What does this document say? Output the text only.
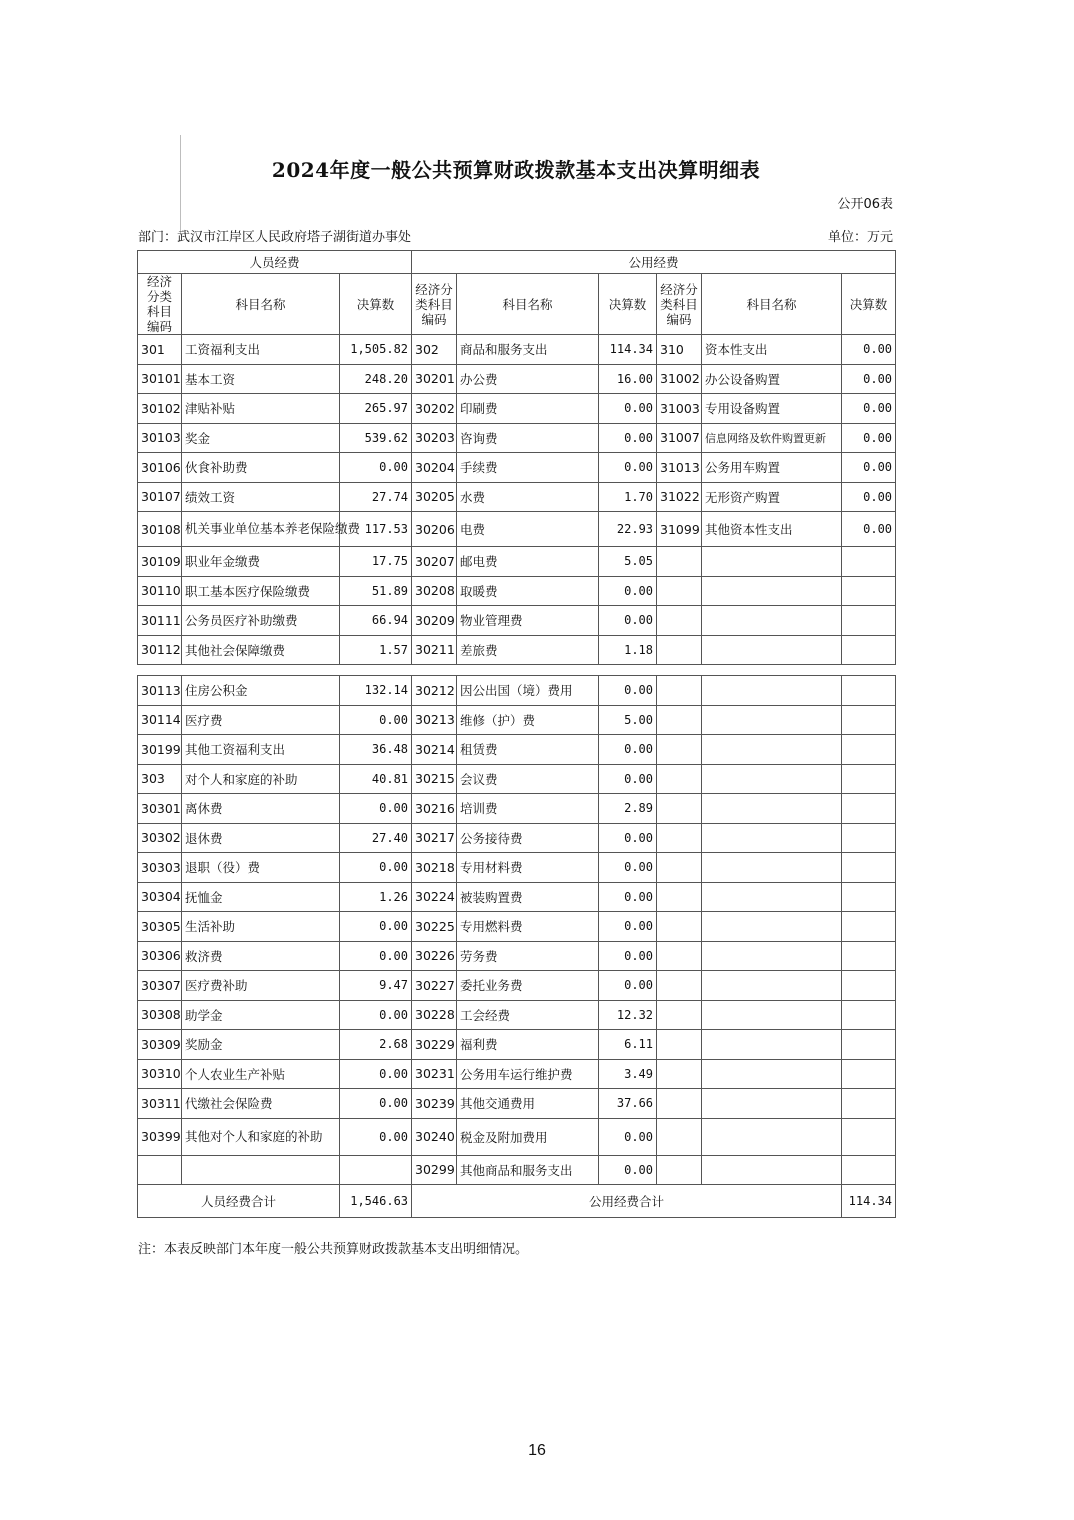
2024年度一般公共预算财政拨款基本支出决算明细表
公开06表
部门：武汉市江岸区人民政府塔子湖街道办事处	单位：万元
人员经费			公用经费					
经济分类科目编码	科目名称	决算数	经济分类科目编码	科目名称	决算数	经济分类科目编码	科目名称	决算数
301	工资福利支出	1,505.82	302	商品和服务支出	114.34	310	资本性支出	0.00
30101	基本工资	248.20	30201	办公费	16.00	31002	办公设备购置	0.00
30102	津贴补贴	265.97	30202	印刷费	0.00	31003	专用设备购置	0.00
30103	奖金	539.62	30203	咨询费	0.00	31007	信息网络及软件购置更新	0.00
30106	伙食补助费	0.00	30204	手续费	0.00	31013	公务用车购置	0.00
30107	绩效工资	27.74	30205	水费	1.70	31022	无形资产购置	0.00
30108	机关事业单位基本养老保险缴费	117.53	30206	电费	22.93	31099	其他资本性支出	0.00
30109	职业年金缴费	17.75	30207	邮电费	5.05			
30110	职工基本医疗保险缴费	51.89	30208	取暖费	0.00			
30111	公务员医疗补助缴费	66.94	30209	物业管理费	0.00			
30112	其他社会保障缴费	1.57	30211	差旅费	1.18			

30113	住房公积金	132.14	30212	因公出国（境）费用	0.00			
30114	医疗费	0.00	30213	维修（护）费	5.00			
30199	其他工资福利支出	36.48	30214	租赁费	0.00			
303	对个人和家庭的补助	40.81	30215	会议费	0.00			
30301	离休费	0.00	30216	培训费	2.89			
30302	退休费	27.40	30217	公务接待费	0.00			
30303	退职（役）费	0.00	30218	专用材料费	0.00			
30304	抚恤金	1.26	30224	被装购置费	0.00			
30305	生活补助	0.00	30225	专用燃料费	0.00			
30306	救济费	0.00	30226	劳务费	0.00			
30307	医疗费补助	9.47	30227	委托业务费	0.00			
30308	助学金	0.00	30228	工会经费	12.32			
30309	奖励金	2.68	30229	福利费	6.11			
30310	个人农业生产补贴	0.00	30231	公务用车运行维护费	3.49			
30311	代缴社会保险费	0.00	30239	其他交通费用	37.66			
30399	其他对个人和家庭的补助	0.00	30240	税金及附加费用	0.00			
			30299	其他商品和服务支出	0.00			
人员经费合计		1,546.63	公用经费合计					114.34
注：本表反映部门本年度一般公共预算财政拨款基本支出明细情况。
16
